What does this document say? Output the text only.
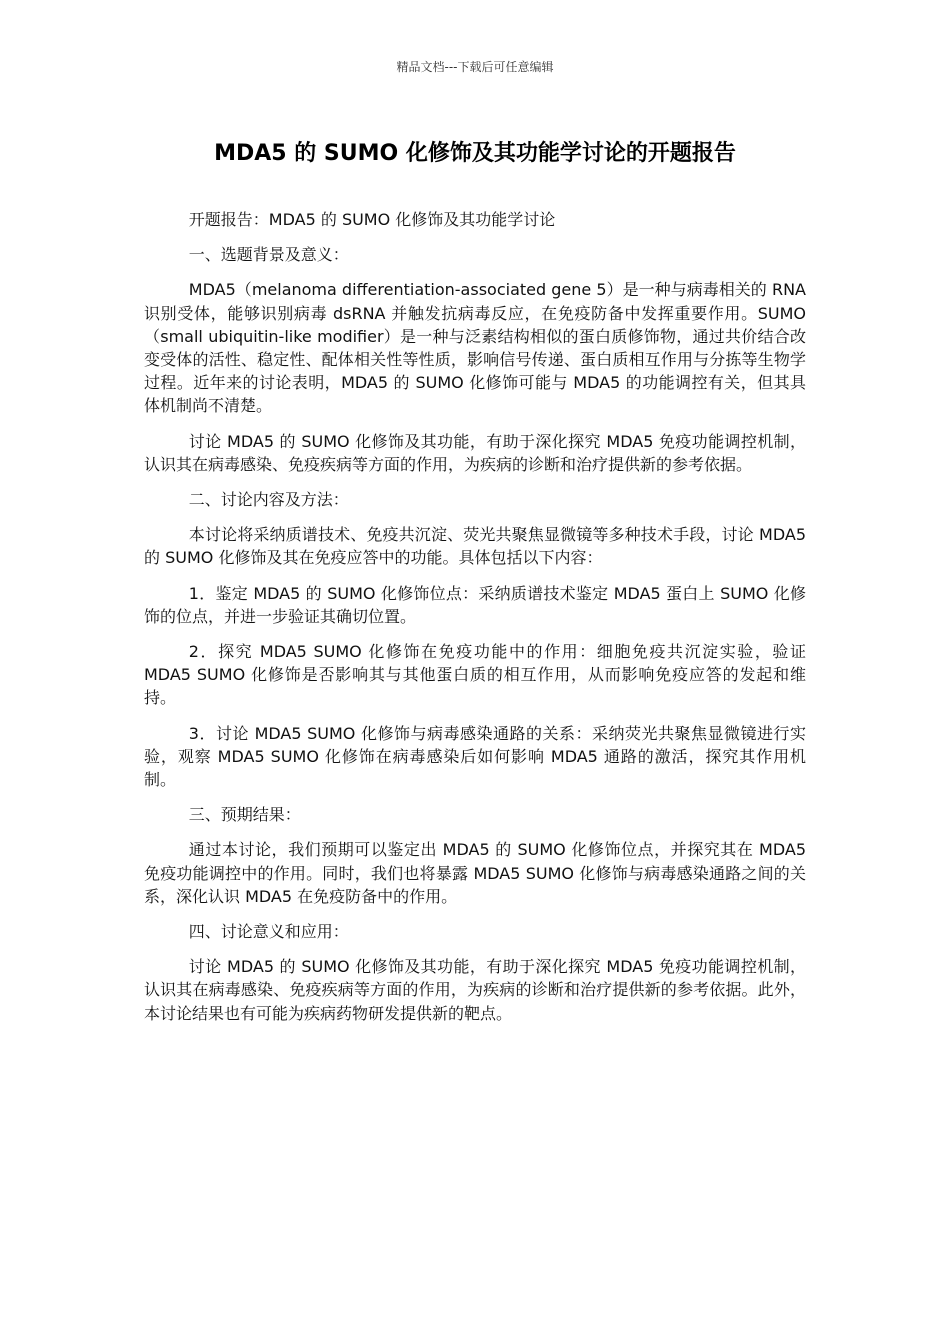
精品文档---下载后可任意编辑
MDA5 的 SUMO 化修饰及其功能学讨论的开题报告

开题报告：MDA5 的 SUMO 化修饰及其功能学讨论

一、选题背景及意义：

MDA5（melanoma differentiation-associated gene 5）是一种与病毒相关的 RNA 识别受体，能够识别病毒 dsRNA 并触发抗病毒反应，在免疫防备中发挥重要作用。SUMO（small ubiquitin-like modifier）是一种与泛素结构相似的蛋白质修饰物，通过共价结合改变受体的活性、稳定性、配体相关性等性质，影响信号传递、蛋白质相互作用与分拣等生物学过程。近年来的讨论表明，MDA5 的 SUMO 化修饰可能与 MDA5 的功能调控有关，但其具体机制尚不清楚。

讨论 MDA5 的 SUMO 化修饰及其功能，有助于深化探究 MDA5 免疫功能调控机制，认识其在病毒感染、免疫疾病等方面的作用，为疾病的诊断和治疗提供新的参考依据。

二、讨论内容及方法：

本讨论将采纳质谱技术、免疫共沉淀、荧光共聚焦显微镜等多种技术手段，讨论 MDA5 的 SUMO 化修饰及其在免疫应答中的功能。具体包括以下内容：

1．鉴定 MDA5 的 SUMO 化修饰位点：采纳质谱技术鉴定 MDA5 蛋白上 SUMO 化修饰的位点，并进一步验证其确切位置。

2．探究 MDA5 SUMO 化修饰在免疫功能中的作用：细胞免疫共沉淀实验，验证 MDA5 SUMO 化修饰是否影响其与其他蛋白质的相互作用，从而影响免疫应答的发起和维持。

3．讨论 MDA5 SUMO 化修饰与病毒感染通路的关系：采纳荧光共聚焦显微镜进行实验，观察 MDA5 SUMO 化修饰在病毒感染后如何影响 MDA5 通路的激活，探究其作用机制。

三、预期结果：

通过本讨论，我们预期可以鉴定出 MDA5 的 SUMO 化修饰位点，并探究其在 MDA5 免疫功能调控中的作用。同时，我们也将暴露 MDA5 SUMO 化修饰与病毒感染通路之间的关系，深化认识 MDA5 在免疫防备中的作用。

四、讨论意义和应用：

讨论 MDA5 的 SUMO 化修饰及其功能，有助于深化探究 MDA5 免疫功能调控机制，认识其在病毒感染、免疫疾病等方面的作用，为疾病的诊断和治疗提供新的参考依据。此外，本讨论结果也有可能为疾病药物研发提供新的靶点。
